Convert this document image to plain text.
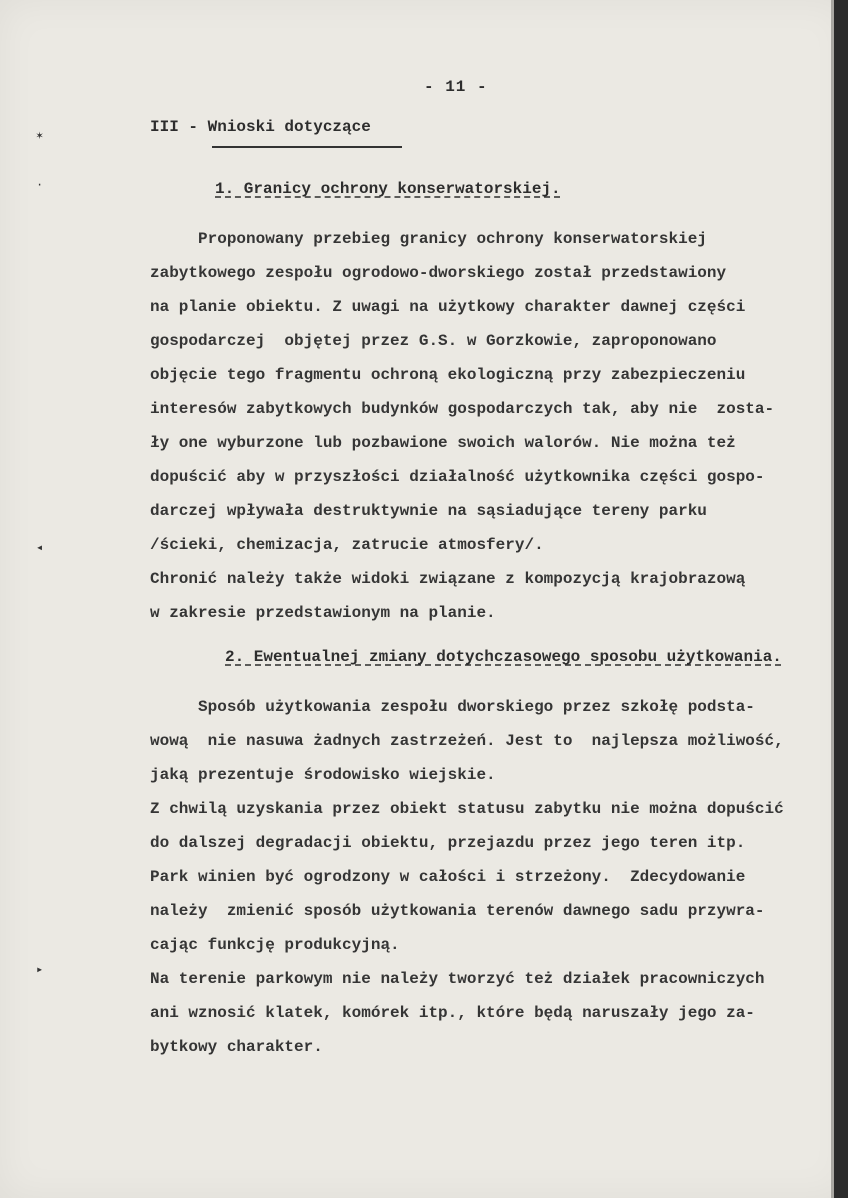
✶
·
◂
▸
- 11 -
III - Wnioski dotyczące
1. Granicy ochrony konserwatorskiej.
Proponowany przebieg granicy ochrony konserwatorskiej
zabytkowego zespołu ogrodowo-dworskiego został przedstawiony
na planie obiektu. Z uwagi na użytkowy charakter dawnej części
gospodarczej  objętej przez G.S. w Gorzkowie, zaproponowano
objęcie tego fragmentu ochroną ekologiczną przy zabezpieczeniu
interesów zabytkowych budynków gospodarczych tak, aby nie  zosta-
ły one wyburzone lub pozbawione swoich walorów. Nie można też
dopuścić aby w przyszłości działalność użytkownika części gospo-
darczej wpływała destruktywnie na sąsiadujące tereny parku
/ścieki, chemizacja, zatrucie atmosfery/.
Chronić należy także widoki związane z kompozycją krajobrazową
w zakresie przedstawionym na planie.
2. Ewentualnej zmiany dotychczasowego sposobu użytkowania.
Sposób użytkowania zespołu dworskiego przez szkołę podsta-
wową  nie nasuwa żadnych zastrzeżeń. Jest to  najlepsza możliwość,
jaką prezentuje środowisko wiejskie.
Z chwilą uzyskania przez obiekt statusu zabytku nie można dopuścić
do dalszej degradacji obiektu, przejazdu przez jego teren itp.
Park winien być ogrodzony w całości i strzeżony.  Zdecydowanie
należy  zmienić sposób użytkowania terenów dawnego sadu przywra-
cając funkcję produkcyjną.
Na terenie parkowym nie należy tworzyć też działek pracowniczych
ani wznosić klatek, komórek itp., które będą naruszały jego za-
bytkowy charakter.
